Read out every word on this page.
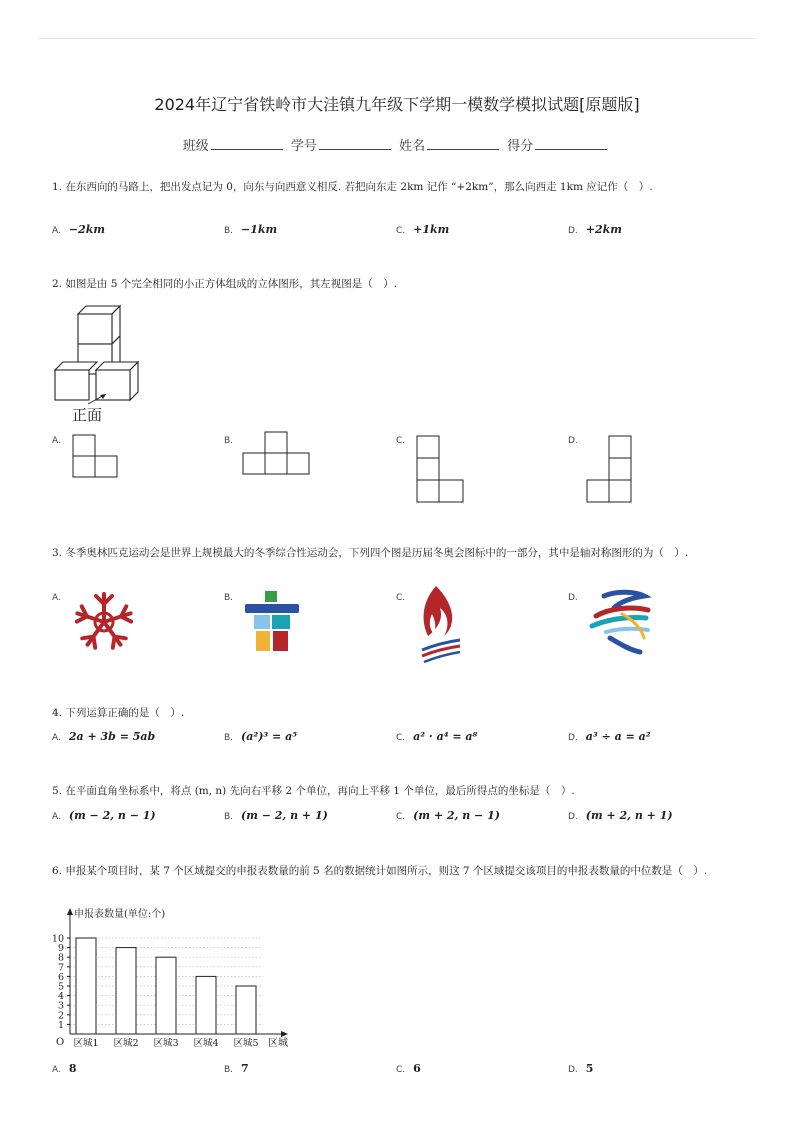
2024年辽宁省铁岭市大洼镇九年级下学期一模数学模拟试题[原题版]
班级	学号	姓名	得分
1. 在东西向的马路上，把出发点记为 0，向东与向西意义相反. 若把向东走 2km 记作 “+2km”，那么向西走 1km 应记作（　）.
A. −2km	B. −1km	C. +1km	D. +2km
2. 如图是由 5 个完全相同的小正方体组成的立体图形，其左视图是（　）.
正面
A.	B.	C.	D.
3. 冬季奥林匹克运动会是世界上规模最大的冬季综合性运动会，下列四个图是历届冬奥会图标中的一部分，其中是轴对称图形的为（　）.
A.	B.	C.	D.
4. 下列运算正确的是（　）.
A. 2a + 3b = 5ab	B. (a²)³ = a⁵	C. a² · a⁴ = a⁸	D. a³ ÷ a = a²
5. 在平面直角坐标系中，将点 (m, n) 先向右平移 2 个单位，再向上平移 1 个单位，最后所得点的坐标是（　）.
A. (m − 2, n − 1)	B. (m − 2, n + 1)	C. (m + 2, n − 1)	D. (m + 2, n + 1)
6. 申报某个项目时，某 7 个区域提交的申报表数量的前 5 名的数据统计如图所示，则这 7 个区域提交该项目的申报表数量的中位数是（　）.
1
2
3
4
5
6
7
8
9
10
区城1 区城2 区城3 区城4 区城5
申报表数量(单位:个)
区城
O
A. 8	B. 7	C. 6	D. 5
